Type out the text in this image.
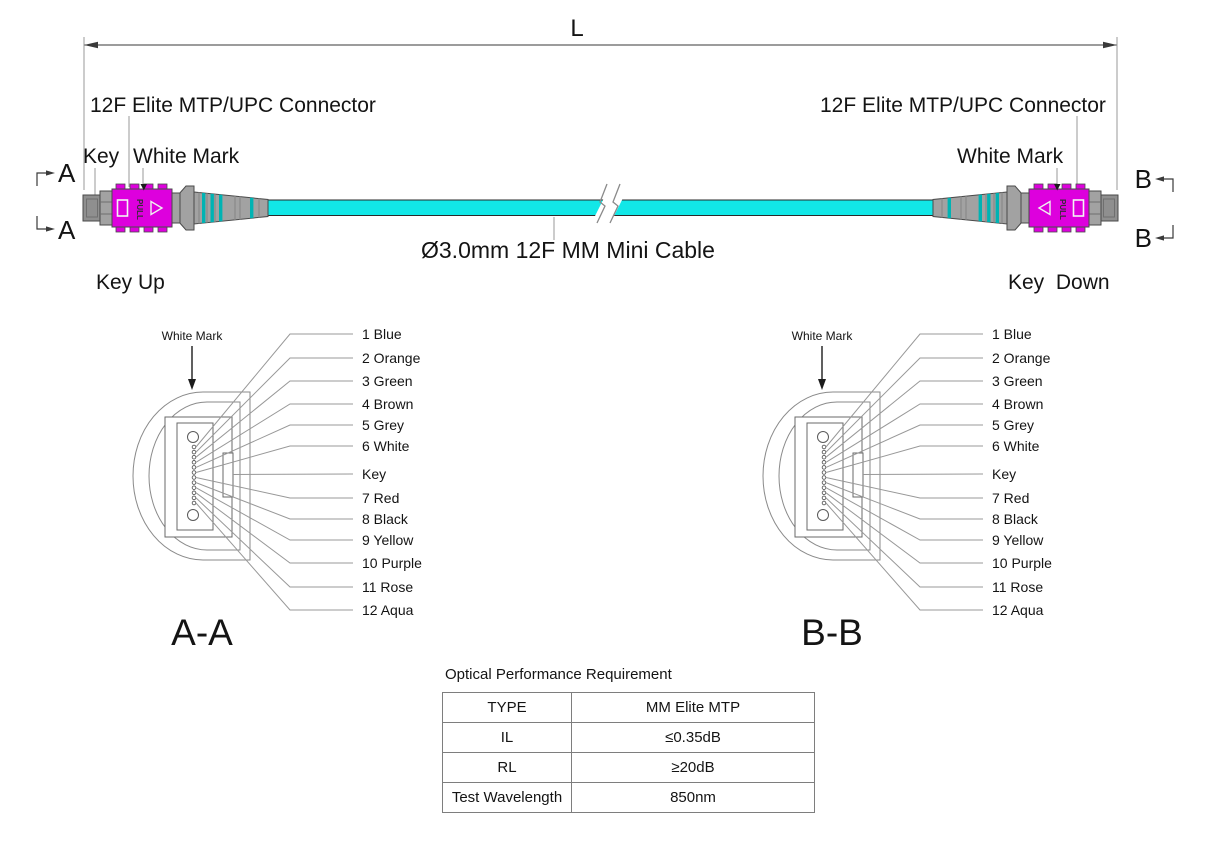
L
12F Elite MTP/UPC Connector	12F Elite MTP/UPC Connector
Key White Mark	White Mark
A
A
B
B
PULL	PULL
Ø3.0mm 12F MM Mini Cable
Key Up	Key  Down
White Mark	1 Blue
2 Orange
3 Green
4 Brown
5 Grey
6 White
Key
7 Red
8 Black
9 Yellow
10 Purple
11 Rose
12 Aqua
A-A
White Mark	1 Blue
2 Orange
3 Green
4 Brown
5 Grey
6 White
Key
7 Red
8 Black
9 Yellow
10 Purple
11 Rose
12 Aqua
B-B
Optical Performance Requirement
TYPE	MM Elite MTP
IL	≤0.35dB
RL	≥20dB
Test Wavelength	850nm
